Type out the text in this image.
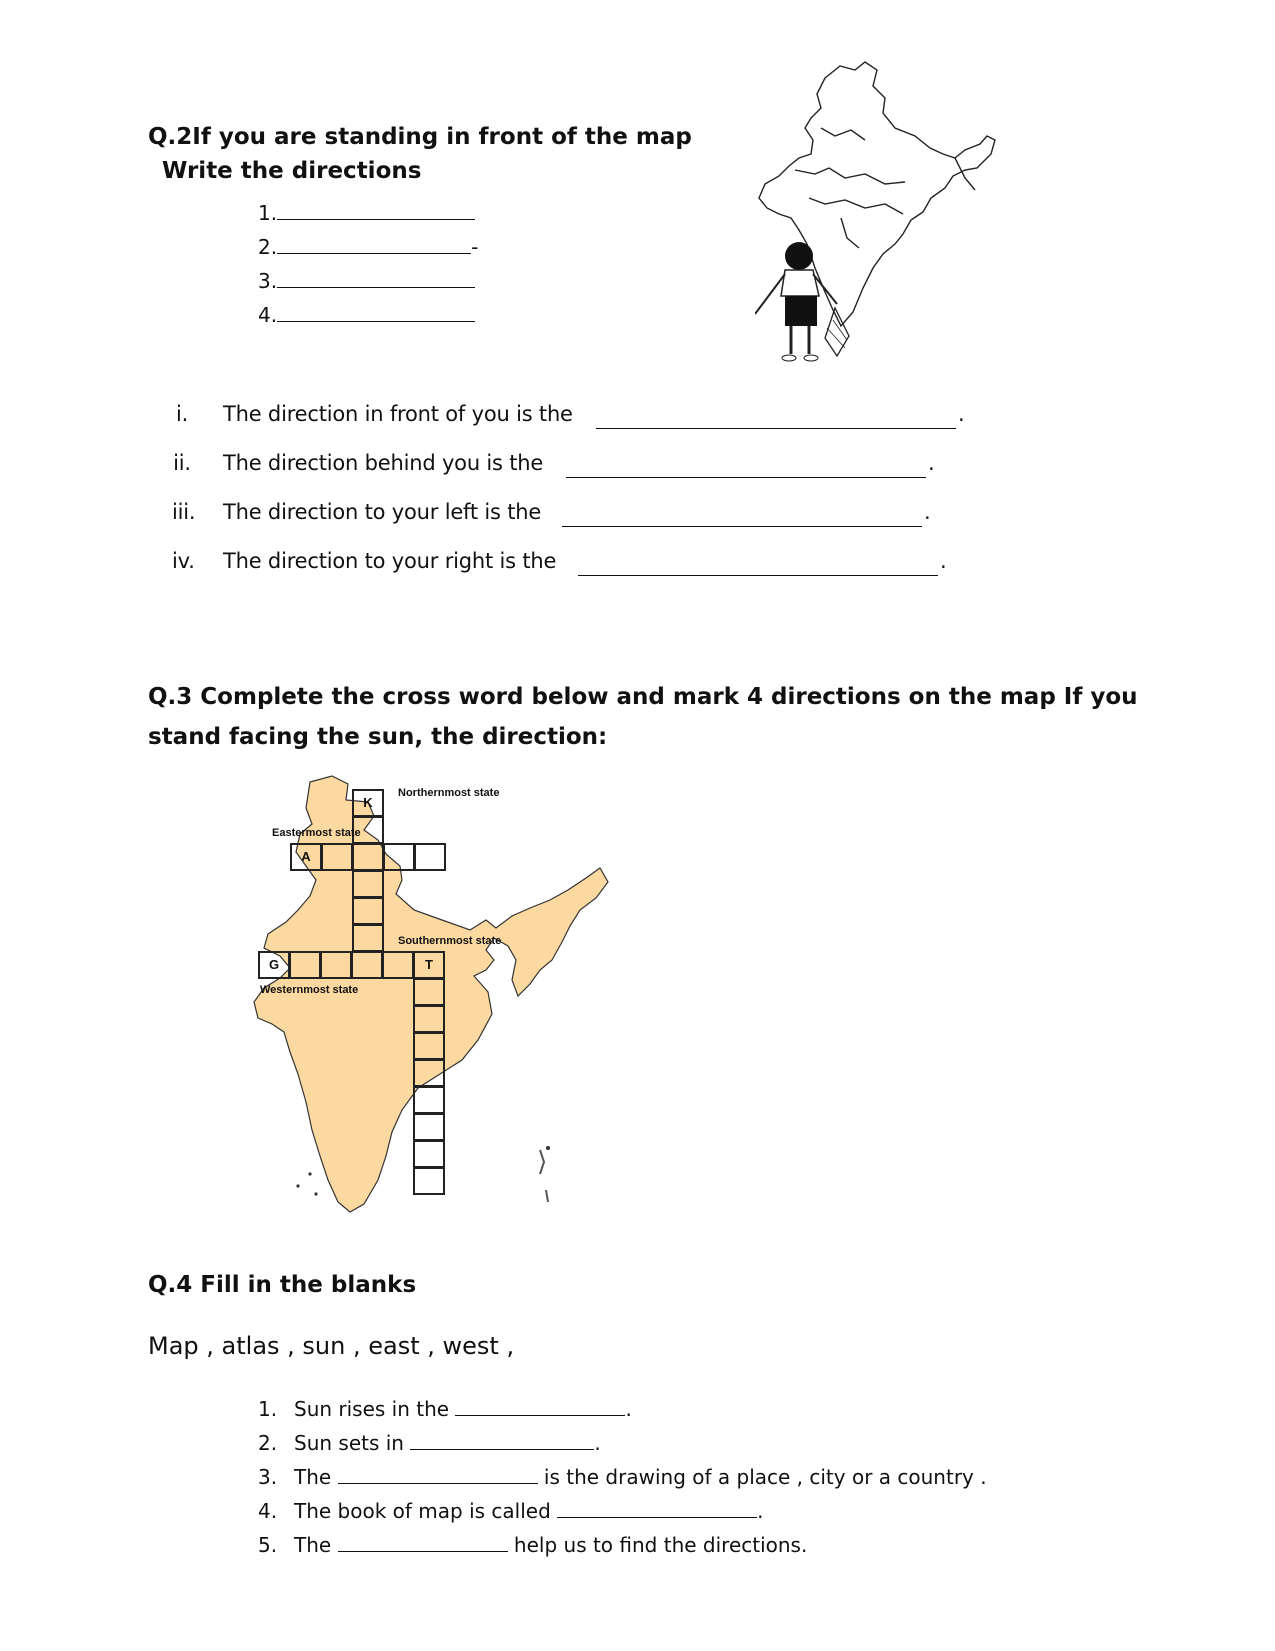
Q.2If you are standing in front of the map
Write the directions
1.
2.	-
3.
4.
i. The direction in front of you is the	.
ii. The direction behind you is the	.
iii. The direction to your left is the	.
iv. The direction to your right is the	.
Q.3 Complete the cross word below and mark 4 directions on the map If you
stand facing the sun, the direction:
K
A
G	T
Northernmost state
Eastermost state
Southernmost state
Westernmost state
Q.4 Fill in the blanks
Map , atlas , sun , east , west ,
1. Sun rises in the	.
2. Sun sets in	.
3. The	is the drawing of a place , city or a country .
4. The book of map is called	.
5. The	help us to find the directions.
